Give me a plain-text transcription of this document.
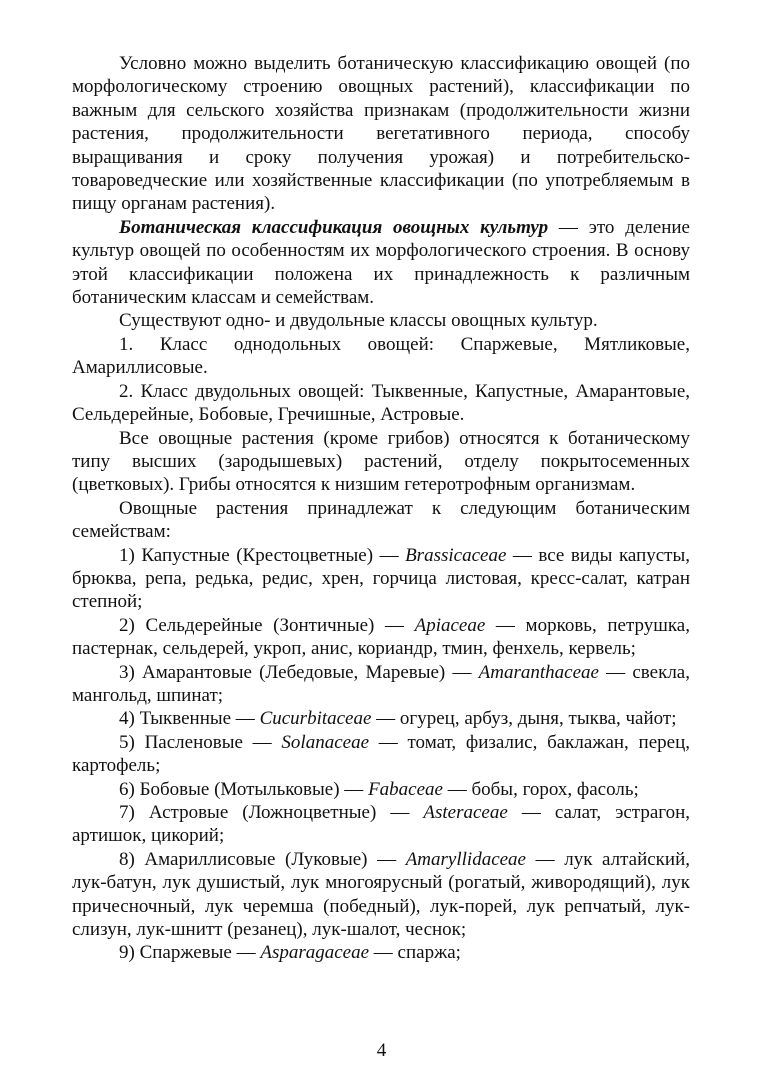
Условно можно выделить ботаническую классификацию овощей (по морфологическому строению овощных растений), классификации по важным для сельского хозяйства признакам (продолжительности жизни растения, продолжительности вегетативного периода, способу выращивания и сроку получения урожая) и потребительско-товароведческие или хозяйственные классификации (по употребляемым в пищу органам растения).

Ботаническая классификация овощных культур — это деление культур овощей по особенностям их морфологического строения. В основу этой классификации положена их принадлежность к различным ботаническим классам и семействам.

Существуют одно- и двудольные классы овощных культур.

1. Класс однодольных овощей: Спаржевые, Мятликовые, Амариллисовые.

2. Класс двудольных овощей: Тыквенные, Капустные, Амарантовые, Сельдерейные, Бобовые, Гречишные, Астровые.

Все овощные растения (кроме грибов) относятся к ботаническому типу высших (зародышевых) растений, отделу покрытосеменных (цветковых). Грибы относятся к низшим гетеротрофным организмам.

Овощные растения принадлежат к следующим ботаническим семействам:

1) Капустные (Крестоцветные) — Brassicaceae — все виды капусты, брюква, репа, редька, редис, хрен, горчица листовая, кресс-салат, катран степной;

2) Сельдерейные (Зонтичные) — Apiaceae — морковь, петрушка, пастернак, сельдерей, укроп, анис, кориандр, тмин, фенхель, кервель;

3) Амарантовые (Лебедовые, Маревые) — Amaranthaceae — свекла, мангольд, шпинат;

4) Тыквенные — Cucurbitaceae — огурец, арбуз, дыня, тыква, чайот;

5) Пасленовые — Solanaceae — томат, физалис, баклажан, перец, картофель;

6) Бобовые (Мотыльковые) — Fabaceae — бобы, горох, фасоль;

7) Астровые (Ложноцветные) — Asteraceae — салат, эстрагон, артишок, цикорий;

8) Амариллисовые (Луковые) — Amaryllidaceae — лук алтайский, лук-батун, лук душистый, лук многоярусный (рогатый, живородящий), лук причесночный, лук черемша (победный), лук-порей, лук репчатый, лук-слизун, лук-шнитт (резанец), лук-шалот, чеснок;

9) Спаржевые — Asparagaceae — спаржа;

4
